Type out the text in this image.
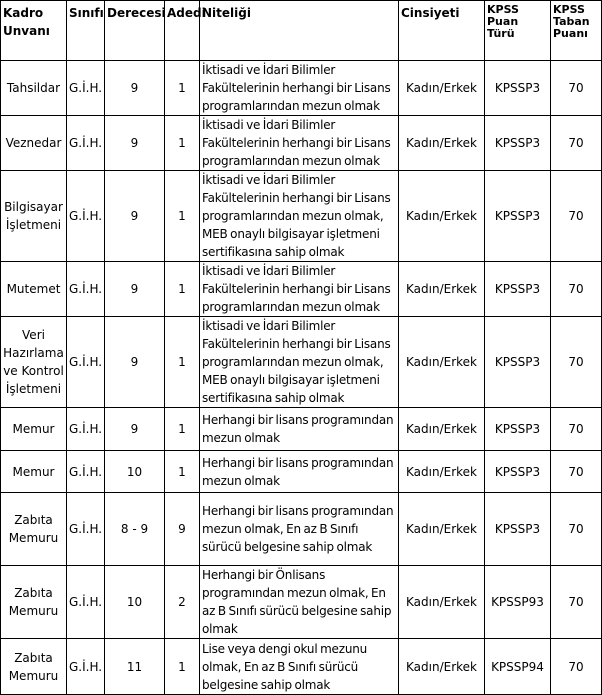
Kadro Unvanı	Sınıfı	Derecesi	Adedi	Niteliği	Cinsiyeti	KPSS Puan Türü	KPSS Taban Puanı
Tahsildar	G.İ.H.	9	1	İktisadi ve İdari Bilimler Fakültelerinin herhangi bir Lisans programlarından mezun olmak	Kadın/Erkek	KPSSP3	70
Veznedar	G.İ.H.	9	1	İktisadi ve İdari Bilimler Fakültelerinin herhangi bir Lisans programlarından mezun olmak	Kadın/Erkek	KPSSP3	70
Bilgisayar İşletmeni	G.İ.H.	9	1	İktisadi ve İdari Bilimler Fakültelerinin herhangi bir Lisans programlarından mezun olmak, MEB onaylı bilgisayar işletmeni sertifikasına sahip olmak	Kadın/Erkek	KPSSP3	70
Mutemet	G.İ.H.	9	1	İktisadi ve İdari Bilimler Fakültelerinin herhangi bir Lisans programlarından mezun olmak	Kadın/Erkek	KPSSP3	70
Veri Hazırlama ve Kontrol İşletmeni	G.İ.H.	9	1	İktisadi ve İdari Bilimler Fakültelerinin herhangi bir Lisans programlarından mezun olmak, MEB onaylı bilgisayar işletmeni sertifikasına sahip olmak	Kadın/Erkek	KPSSP3	70
Memur	G.İ.H.	9	1	Herhangi bir lisans programından mezun olmak	Kadın/Erkek	KPSSP3	70
Memur	G.İ.H.	10	1	Herhangi bir lisans programından mezun olmak	Kadın/Erkek	KPSSP3	70
Zabıta Memuru	G.İ.H.	8 - 9	9	Herhangi bir lisans programından mezun olmak, En az B Sınıfı sürücü belgesine sahip olmak	Kadın/Erkek	KPSSP3	70
Zabıta Memuru	G.İ.H.	10	2	Herhangi bir Önlisans programından mezun olmak, En az B Sınıfı sürücü belgesine sahip olmak	Kadın/Erkek	KPSSP93	70
Zabıta Memuru	G.İ.H.	11	1	Lise veya dengi okul mezunu olmak, En az B Sınıfı sürücü belgesine sahip olmak	Kadın/Erkek	KPSSP94	70
